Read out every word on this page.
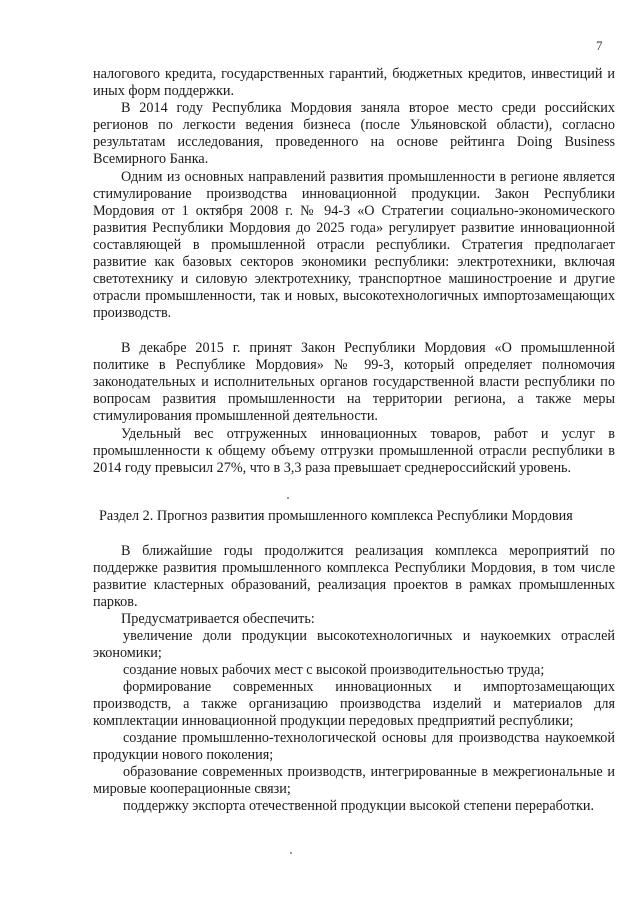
7

налогового кредита, государственных гарантий, бюджетных кредитов, инвестиций и иных форм поддержки.

В 2014 году Республика Мордовия заняла второе место среди российских регионов по легкости ведения бизнеса (после Ульяновской области), согласно результатам исследования, проведенного на основе рейтинга Doing Business Всемирного Банка.

Одним из основных направлений развития промышленности в регионе является стимулирование производства инновационной продукции. Закон Республики Мордовия от 1 октября 2008 г. № 94-З «О Стратегии социально-экономического развития Республики Мордовия до 2025 года» регулирует развитие инновационной составляющей в промышленной отрасли республики. Стратегия предполагает развитие как базовых секторов экономики республики: электротехники, включая светотехнику и силовую электротехнику, транспортное машиностроение и другие отрасли промышленности, так и новых, высокотехнологичных импортозамещающих производств.

В декабре 2015 г. принят Закон Республики Мордовия «О промышленной политике в Республике Мордовия» № 99-З, который определяет полномочия законодательных и исполнительных органов государственной власти республики по вопросам развития промышленности на территории региона, а также меры стимулирования промышленной деятельности.

Удельный вес отгруженных инновационных товаров, работ и услуг в промышленности к общему объему отгрузки промышленной отрасли республики в 2014 году превысил 27%, что в 3,3 раза превышает среднероссийский уровень.

Раздел 2. Прогноз развития промышленного комплекса Республики Мордовия

В ближайшие годы продолжится реализация комплекса мероприятий по поддержке развития промышленного комплекса Республики Мордовия, в том числе развитие кластерных образований, реализация проектов в рамках промышленных парков.

Предусматривается обеспечить:

увеличение доли продукции высокотехнологичных и наукоемких отраслей экономики;

создание новых рабочих мест с высокой производительностью труда;

формирование современных инновационных и импортозамещающих производств, а также организацию производства изделий и материалов для комплектации инновационной продукции передовых предприятий республики;

создание промышленно-технологической основы для производства наукоемкой продукции нового поколения;

образование современных производств, интегрированные в межрегиональные и мировые кооперационные связи;

поддержку экспорта отечественной продукции высокой степени переработки.
